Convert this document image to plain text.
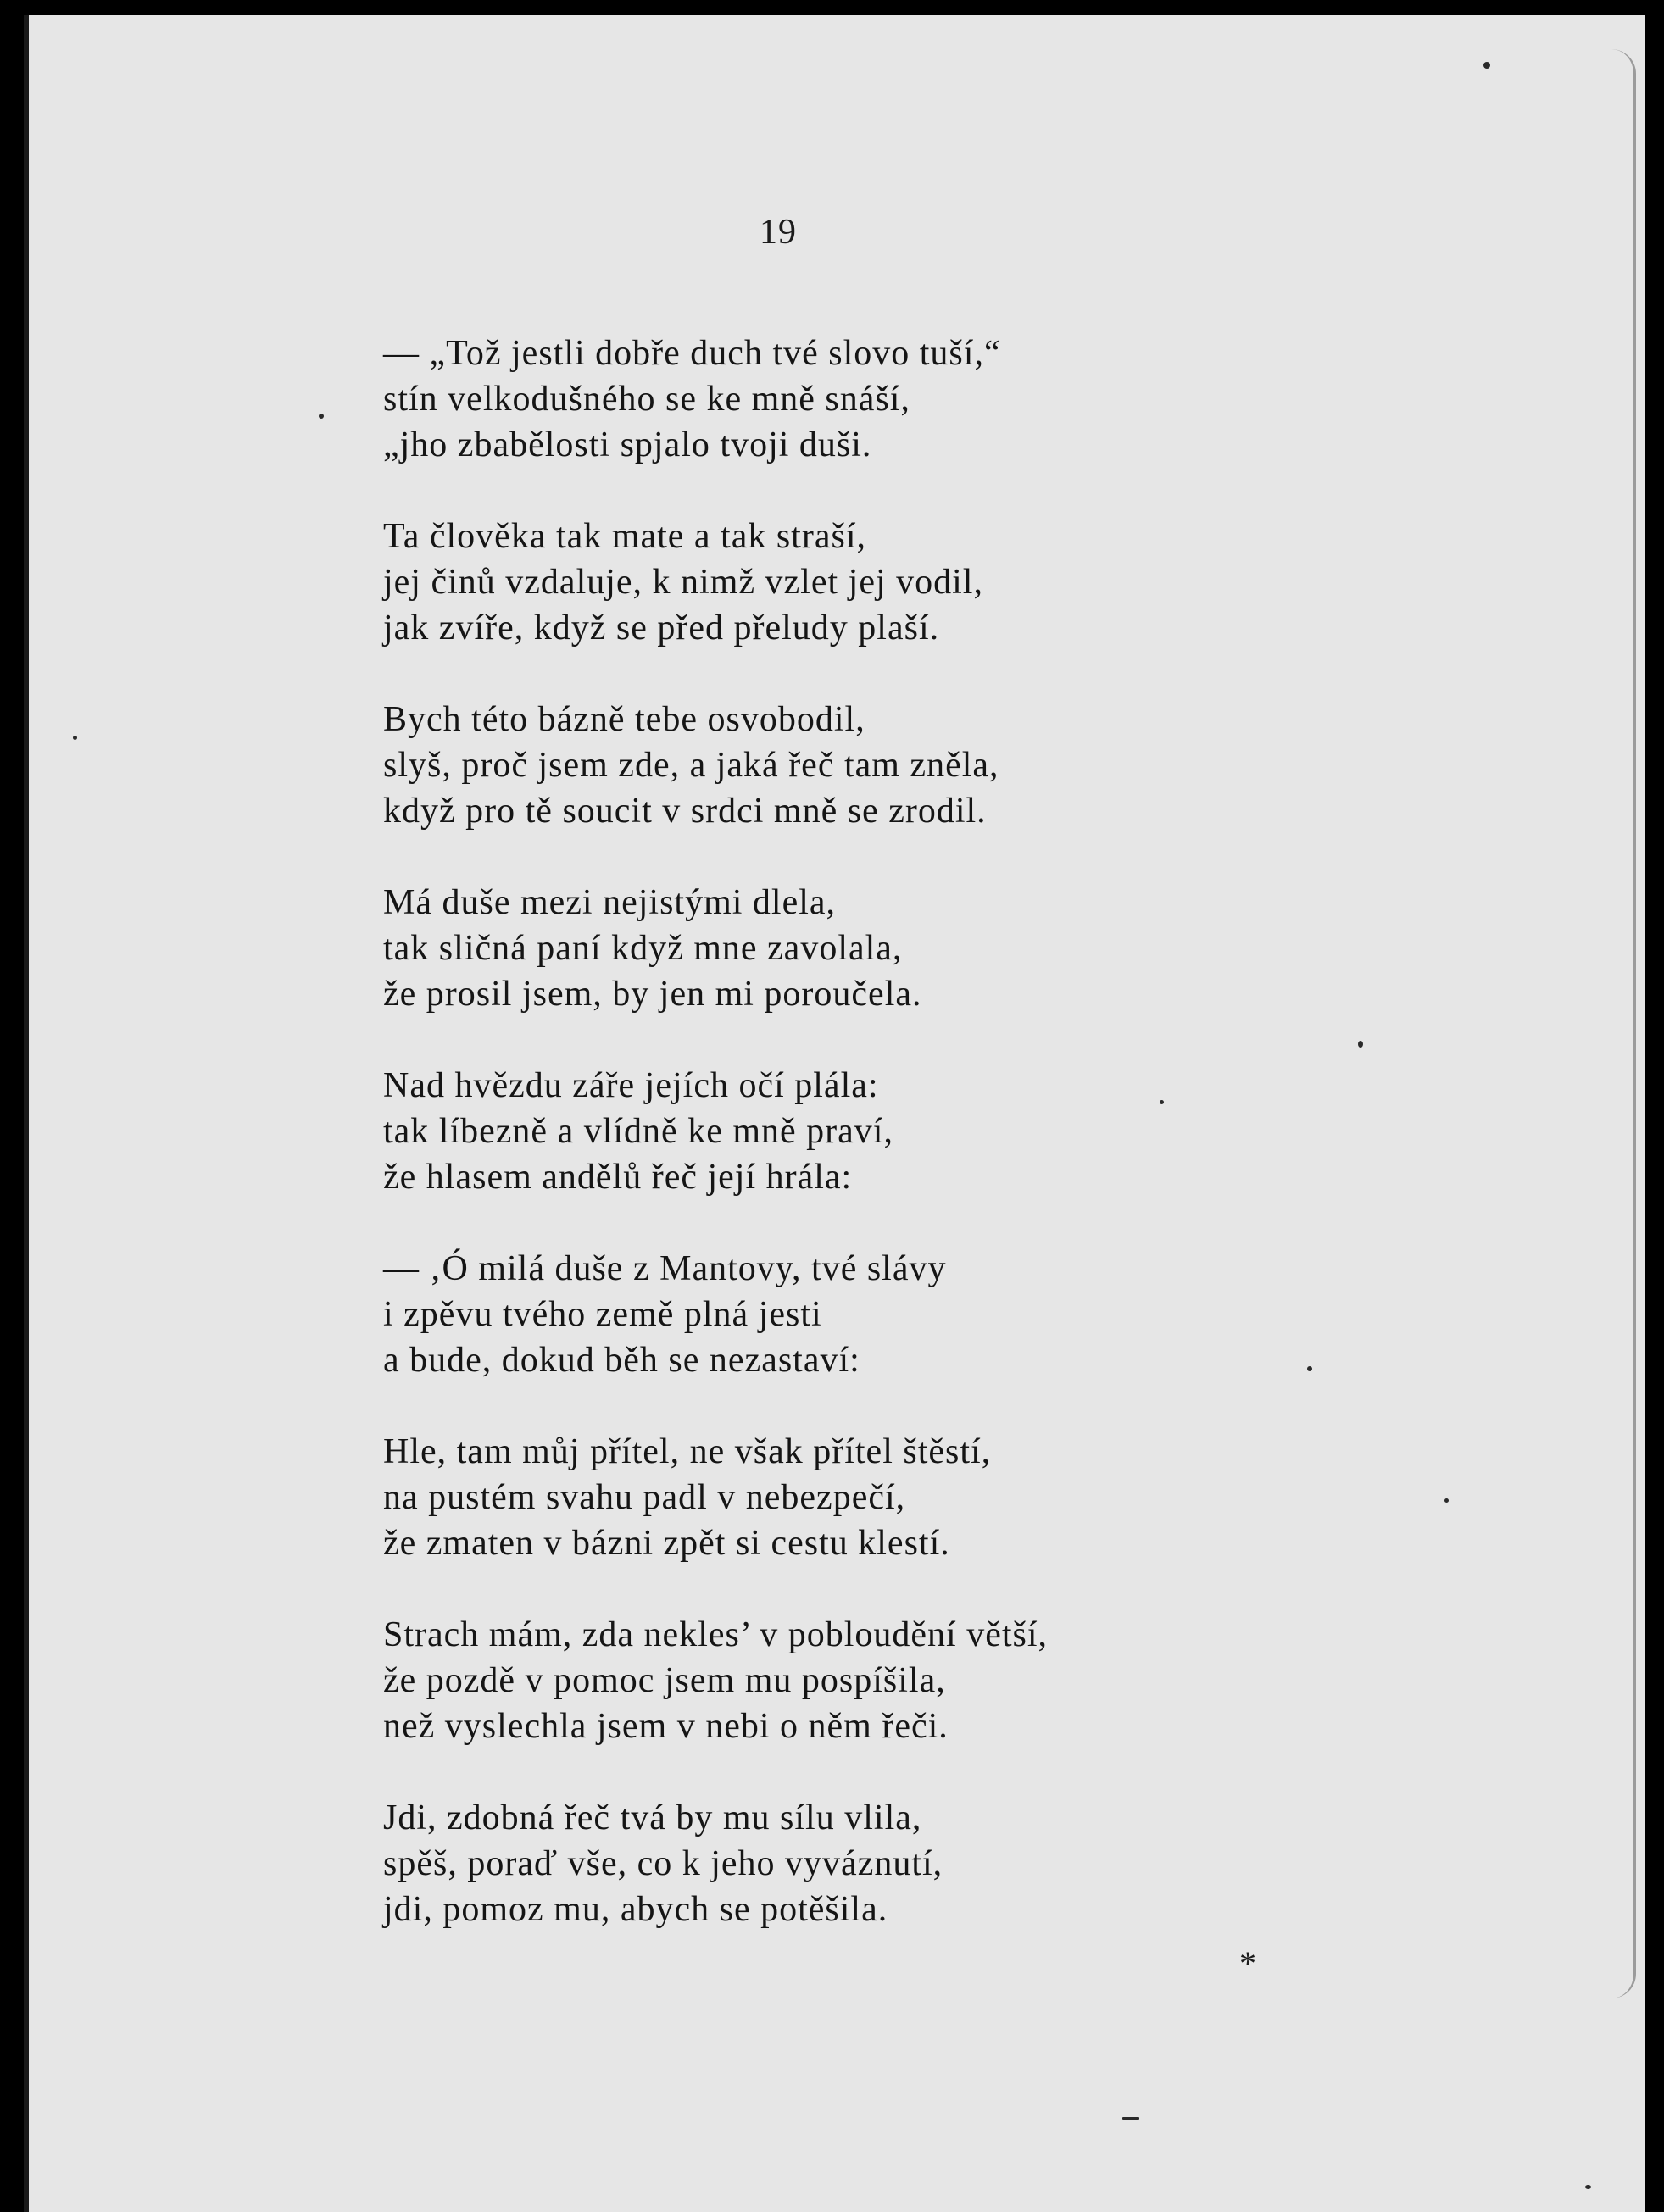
19
— „Tož jestli dobře duch tvé slovo tuší,“
stín velkodušného se ke mně snáší,
„jho zbabělosti spjalo tvoji duši.
Ta člověka tak mate a tak straší,
jej činů vzdaluje, k nimž vzlet jej vodil,
jak zvíře, když se před přeludy plaší.
Bych této bázně tebe osvobodil,
slyš, proč jsem zde, a jaká řeč tam zněla,
když pro tě soucit v srdci mně se zrodil.
Má duše mezi nejistými dlela,
tak sličná paní když mne zavolala,
že prosil jsem, by jen mi poroučela.
Nad hvězdu záře jejích očí plála:
tak líbezně a vlídně ke mně praví,
že hlasem andělů řeč její hrála:
— ‚Ó milá duše z Mantovy, tvé slávy
i zpěvu tvého země plná jesti
a bude, dokud běh se nezastaví:
Hle, tam můj přítel, ne však přítel štěstí,
na pustém svahu padl v nebezpečí,
že zmaten v bázni zpět si cestu klestí.
Strach mám, zda nekles’ v pobloudění větší,
že pozdě v pomoc jsem mu pospíšila,
než vyslechla jsem v nebi o něm řeči.
Jdi, zdobná řeč tvá by mu sílu vlila,
spěš, poraď vše, co k jeho vyváznutí,
jdi, pomoz mu, abych se potěšila.
*
